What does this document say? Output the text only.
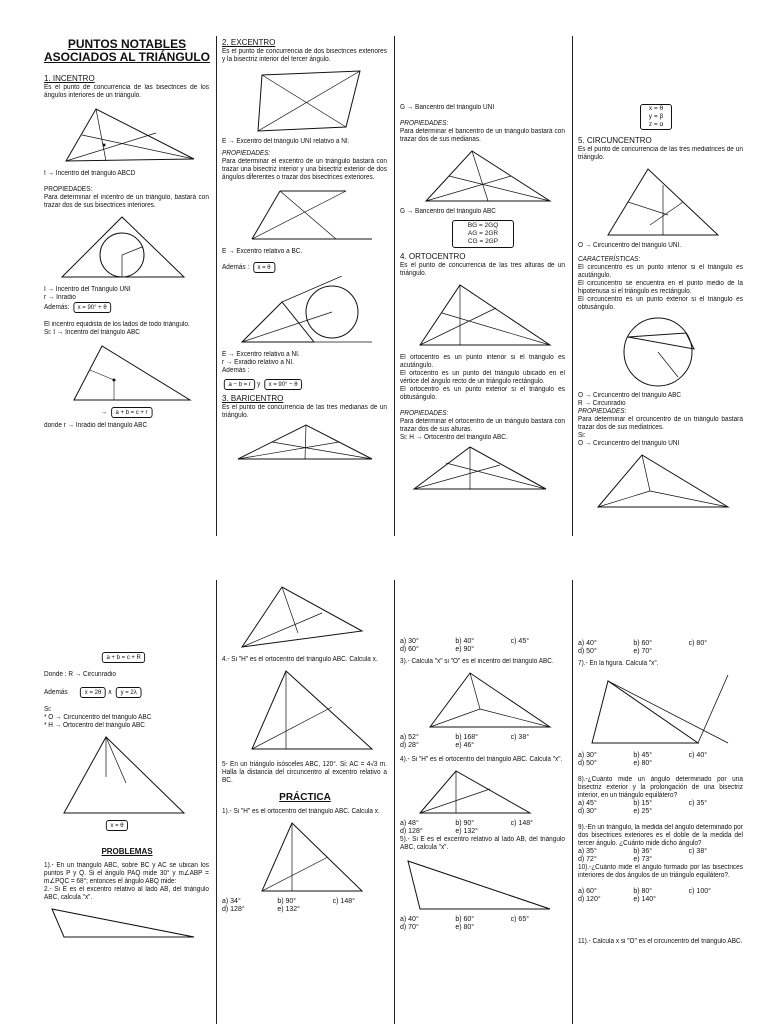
PUNTOS NOTABLES ASOCIADOS AL TRIÁNGULO

1. INCENTRO

Es el punto de concurrencia de las bisectrices de los ángulos interiores de un triángulo.

I → Incentro del triángulo ABCD

PROPIEDADES:

Para determinar el incentro de un triángulo, bastará con trazar dos de sus bisectrices interiores.

I → Incentro del Triángulo UNI

r → Inradio

Además: x = 90° + θ

El incentro equidista de los lados de todo triángulo.

Si: I → Incentro del triángulo ABC

→ a + b = c + r

donde r → Inradio del triángulo ABC

2. EXCENTRO

Es el punto de concurrencia de dos bisectrices exteriores y la bisectriz interior del tercer ángulo.

E → Excentro del triángulo UNI relativo a NI.

PROPIEDADES:

Para determinar el excentro de un triángulo bastará con trazar una bisectriz interior y una bisectriz exterior de dos ángulos diferentes o trazar dos bisectrices exteriores.

E → Excentro relativo a BC.

Además : x = θ

E → Excentro relativo a NI.

r → Exradio relativo a NI.

Además :

a − b = r y x = 90° − θ

3. BARICENTRO

Es el punto de concurrencia de las tres medianas de un triángulo.

G → Baricentro del triángulo UNI

PROPIEDADES:

Para determinar el baricentro de un triángulo bastará con trazar dos de sus medianas.

G → Baricentro del triángulo ABC

BG = 2GQ
AG = 2GR
CG = 2GP

4. ORTOCENTRO

Es el punto de concurrencia de las tres alturas de un triángulo.

El ortocentro es un punto interior si el triángulo es acutángulo.

El ortocentro es un punto del triángulo ubicado en el vértice del ángulo recto de un triángulo rectángulo.

El ortocentro es un punto exterior si el triángulo es obtusángulo.

PROPIEDADES:

Para determinar el ortocentro de un triángulo bastará con trazar dos de sus alturas.

Si: H → Ortocentro del triángulo ABC.

x = θ
y = β
z = α

5. CIRCUNCENTRO

Es el punto de concurrencia de las tres mediatrices de un triángulo.

O → Circuncentro del triángulo UNI.

CARACTERÍSTICAS:

El circuncentro es un punto interior si el triángulo es acutángulo.

El circuncentro se encuentra en el punto medio de la hipotenusa si el triángulo es rectángulo.

El circuncentro es un punto exterior si el triángulo es obtusángulo.

O → Circuncentro del triángulo ABC

R → Circunradio

PROPIEDADES:

Para determinar el circuncentro de un triángulo bastará trazar dos de sus mediatrices.

Si:

O → Circuncentro del triángulo UNI

a + b = c + R

Donde : R → Circunradio

Además	x = 2θ ∧ y = 2λ

Si:

* O → Circuncentro del triángulo ABC

* H → Ortocentro del triángulo ABC

x = θ

PROBLEMAS

1).- En un triángulo ABC, sobre BC y AC se ubican los puntos P y Q. Si el ángulo PAQ mide 30° y m∠ABP = m∠PQC = 68°; entonces el ángulo ABQ mide:

2.- Si E es el excentro relativo al lado AB, del triángulo ABC, calcula "x".

4.- Si "H" es el ortocentro del triángulo ABC. Calcula x.

5- En un triángulo isósceles ABC, 120°. Si: AC = 4√3 m. Halla la distancia del circuncentro al excentro relativo a BC.

PRÁCTICA

1).- Si "H" es el ortocentro del triángulo ABC. Calcula x.

a) 34°	b) 90°	c) 148°
d) 128°	e) 132°
a) 30°	b) 40°	c) 45°
d) 60°	e) 90°

3).- Calcula "x" si "O" es el incentro del triángulo ABC.

a) 52°	b) 168°	c) 38°
d) 28°	e) 46°

4).- Si "H" es el ortocentro del triángulo ABC. Calcula "x".

a) 48°	b) 90°	c) 148°
d) 128°	e) 132°

5).- Si E es el excentro relativo al lado AB, del triángulo ABC, calcula "x".

a) 40°	b) 60°	c) 65°
d) 70°	e) 80°
a) 40°	b) 60°	c) 80°
d) 50°	e) 70°

7).- En la figura. Calcula "x".

a) 30°	b) 45°	c) 40°
d) 50°	e) 80°

8).-¿Cuánto mide un ángulo determinado por una bisectriz exterior y la prolongación de una bisectriz interior, en un triángulo equilátero?

a) 45°	b) 15°	c) 35°
d) 30°	e) 25°

9).-En un triángulo, la medida del ángulo determinado por dos bisectrices exteriores es el doble de la medida del tercer ángulo. ¿Cuánto mide dicho ángulo?

a) 35°	b) 36°	c) 38°
d) 72°	e) 73°

10).-¿Cuánto mide el ángulo formado por las bisectrices interiores de dos ángulos de un triángulo equilátero?.

a) 60°	b) 80°	c) 100°
d) 120°	e) 140°

11).- Calcula x si "O" es el circuncentro del triángulo ABC.
